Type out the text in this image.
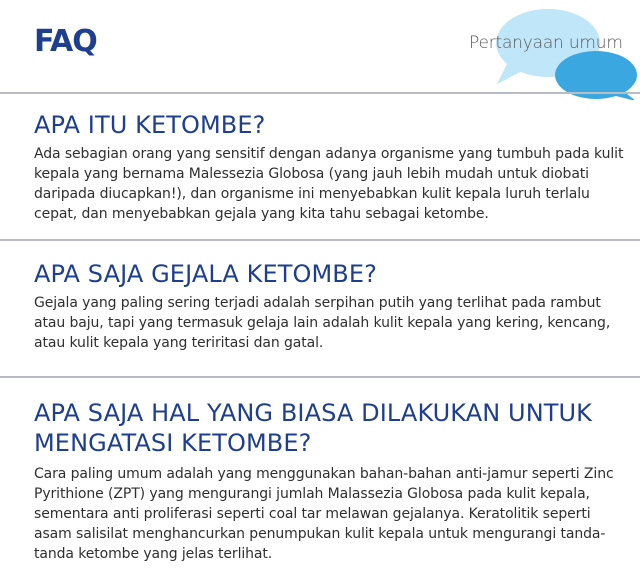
FAQ	Pertanyaan umum
APA ITU KETOMBE?

Ada sebagian orang yang sensitif dengan adanya organisme yang tumbuh pada kulit kepala yang bernama Malessezia Globosa (yang jauh lebih mudah untuk diobati daripada diucapkan!), dan organisme ini menyebabkan kulit kepala luruh terlalu cepat, dan menyebabkan gejala yang kita tahu sebagai ketombe.

APA SAJA GEJALA KETOMBE?

Gejala yang paling sering terjadi adalah serpihan putih yang terlihat pada rambut atau baju, tapi yang termasuk gelaja lain adalah kulit kepala yang kering, kencang, atau kulit kepala yang teriritasi dan gatal.

APA SAJA HAL YANG BIASA DILAKUKAN UNTUK MENGATASI KETOMBE?

Cara paling umum adalah yang menggunakan bahan-bahan anti-jamur seperti Zinc Pyrithione (ZPT) yang mengurangi jumlah Malassezia Globosa pada kulit kepala, sementara anti proliferasi seperti coal tar melawan gejalanya. Keratolitik seperti asam salisilat menghancurkan penumpukan kulit kepala untuk mengurangi tanda-tanda ketombe yang jelas terlihat.
